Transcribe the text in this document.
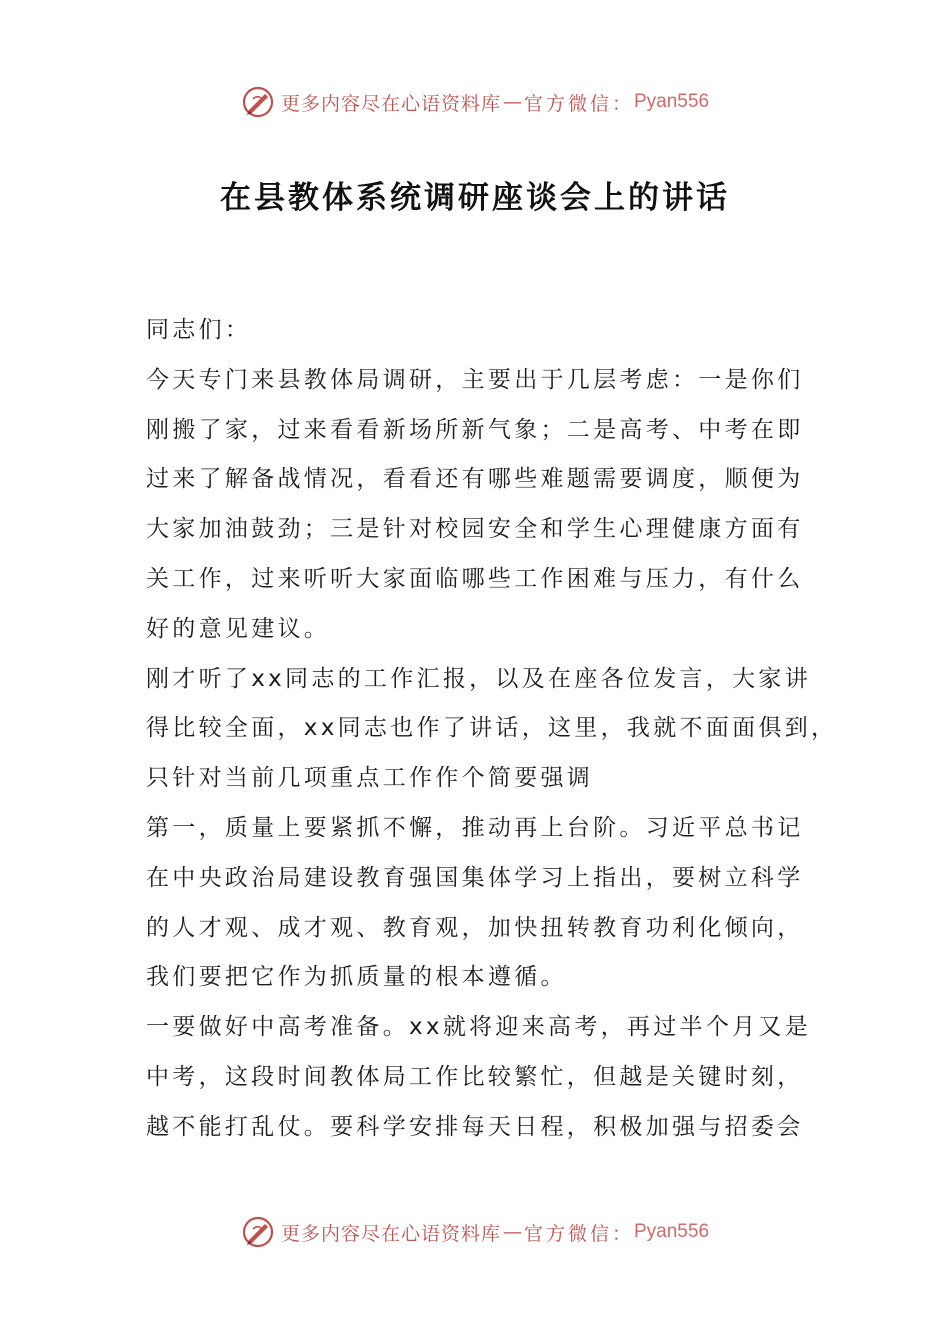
更多内容尽在心语资料库 — 官方微信： Pyan556
在县教体系统调研座谈会上的讲话
同志们：
今天专门来县教体局调研，主要出于几层考虑：一是你们
刚搬了家，过来看看新场所新气象；二是高考、中考在即
过来了解备战情况，看看还有哪些难题需要调度，顺便为
大家加油鼓劲；三是针对校园安全和学生心理健康方面有
关工作，过来听听大家面临哪些工作困难与压力，有什么
好的意见建议。
刚才听了xx同志的工作汇报，以及在座各位发言，大家讲
得比较全面，xx同志也作了讲话，这里，我就不面面俱到，
只针对当前几项重点工作作个简要强调
第一，质量上要紧抓不懈，推动再上台阶。习近平总书记
在中央政治局建设教育强国集体学习上指出，要树立科学
的人才观、成才观、教育观，加快扭转教育功利化倾向，
我们要把它作为抓质量的根本遵循。
一要做好中高考准备。xx就将迎来高考，再过半个月又是
中考，这段时间教体局工作比较繁忙，但越是关键时刻，
越不能打乱仗。要科学安排每天日程，积极加强与招委会
更多内容尽在心语资料库 — 官方微信： Pyan556
